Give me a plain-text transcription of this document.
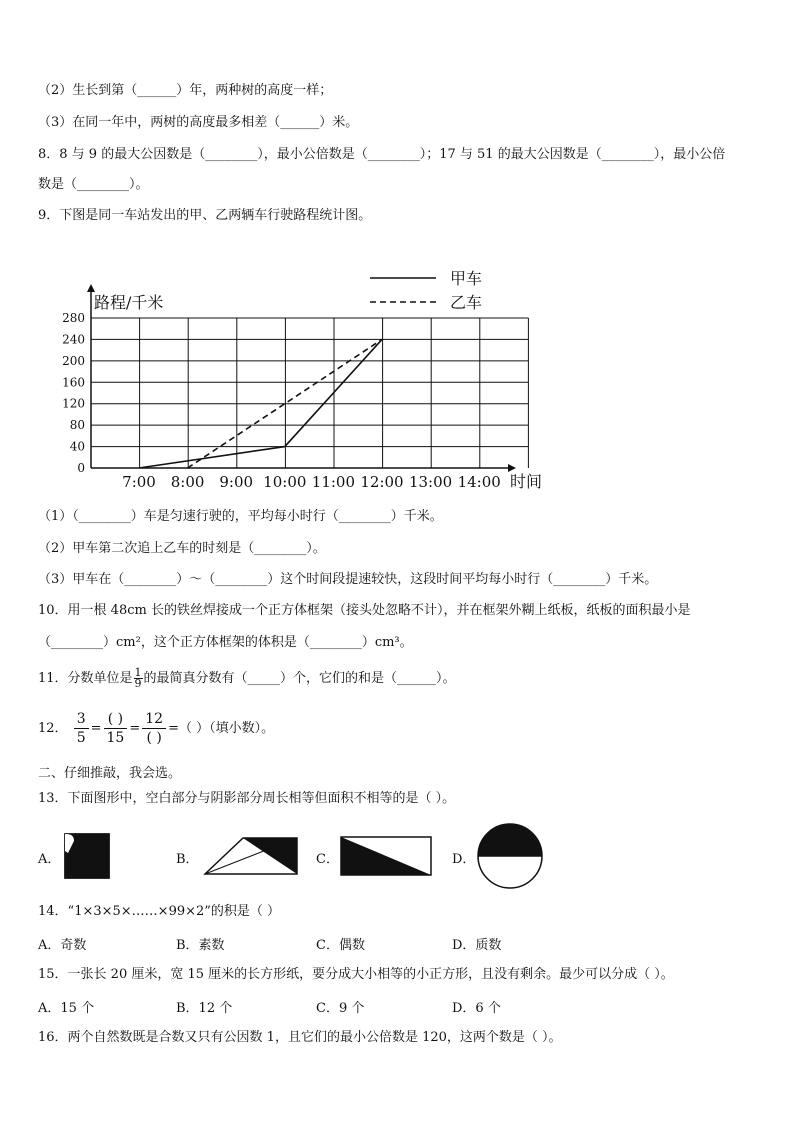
（2）生长到第（______）年，两种树的高度一样；
（3）在同一年中，两树的高度最多相差（______）米。
8．8 与 9 的最大公因数是（________），最小公倍数是（________）；17 与 51 的最大公因数是（________），最小公倍
数是（________）。
9．下图是同一车站发出的甲、乙两辆车行驶路程统计图。
0
40
80
120
160
200
240
280
7:00 8:00 9:00 10:00 11:00 12:00 13:00 14:00
甲车
乙车
路程/千米
时间
（1）（________）车是匀速行驶的，平均每小时行（________）千米。
（2）甲车第二次追上乙车的时刻是（________）。
（3）甲车在（________）～（________）这个时间段提速较快，这段时间平均每小时行（________）千米。
10．用一根 48cm 长的铁丝焊接成一个正方体框架（接头处忽略不计），并在框架外糊上纸板，纸板的面积最小是
（________）cm²，这个正方体框架的体积是（________）cm³。
11．分数单位是 $\frac{1}{9}$ 的最简真分数有（_____）个，它们的和是（______）。
12． $\frac{3}{5} = \frac{( )}{15} = \frac{12}{( )}$ =（ ）（填小数）。
二、仔细推敲，我会选。
13．下面图形中，空白部分与阴影部分周长相等但面积不相等的是（ ）。
A．	B．	C．	D．
14．“1×3×5×……×99×2”的积是（ ）
A．奇数	B．素数	C．偶数	D．质数
15．一张长 20 厘米，宽 15 厘米的长方形纸，要分成大小相等的小正方形，且没有剩余。最少可以分成（ ）。
A．15 个	B．12 个	C．9 个	D．6 个
16．两个自然数既是合数又只有公因数 1，且它们的最小公倍数是 120，这两个数是（ ）。
